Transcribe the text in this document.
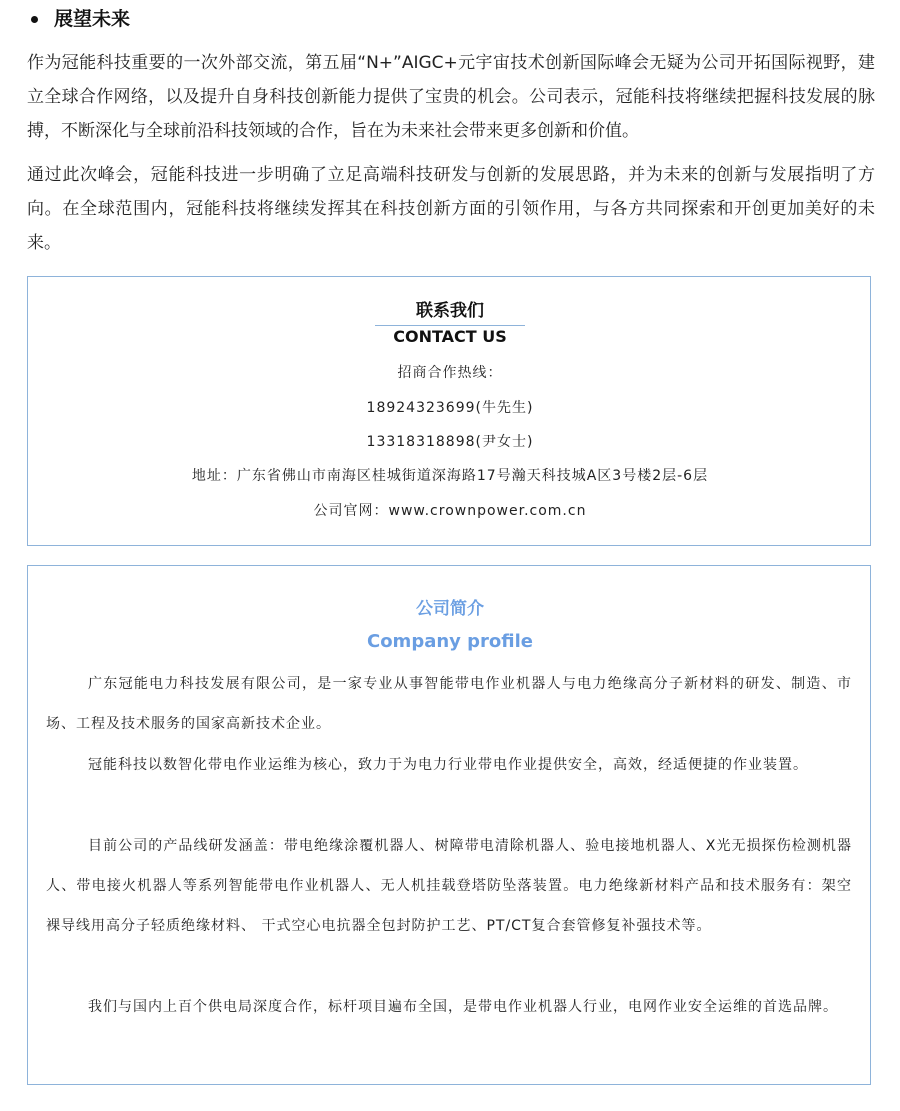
展望未来

作为冠能科技重要的一次外部交流，第五届“N+”AIGC+元宇宙技术创新国际峰会无疑为公司开拓国际视野，建立全球合作网络，以及提升自身科技创新能力提供了宝贵的机会。公司表示，冠能科技将继续把握科技发展的脉搏，不断深化与全球前沿科技领域的合作，旨在为未来社会带来更多创新和价值。

通过此次峰会，冠能科技进一步明确了立足高端科技研发与创新的发展思路，并为未来的创新与发展指明了方向。在全球范围内，冠能科技将继续发挥其在科技创新方面的引领作用，与各方共同探索和开创更加美好的未来。

联系我们
CONTACT US
招商合作热线：
18924323699(牛先生)
13318318898(尹女士)
地址：广东省佛山市南海区桂城街道深海路17号瀚天科技城A区3号楼2层-6层
公司官网：www.crownpower.com.cn
公司简介
Company profile

广东冠能电力科技发展有限公司，是一家专业从事智能带电作业机器人与电力绝缘高分子新材料的研发、制造、市场、工程及技术服务的国家高新技术企业。

冠能科技以数智化带电作业运维为核心，致力于为电力行业带电作业提供安全，高效，经适便捷的作业装置。

目前公司的产品线研发涵盖：带电绝缘涂覆机器人、树障带电清除机器人、验电接地机器人、X光无损探伤检测机器人、带电接火机器人等系列智能带电作业机器人、无人机挂载登塔防坠落装置。电力绝缘新材料产品和技术服务有：架空裸导线用高分子轻质绝缘材料、 干式空心电抗器全包封防护工艺、PT/CT复合套管修复补强技术等。

我们与国内上百个供电局深度合作，标杆项目遍布全国，是带电作业机器人行业，电网作业安全运维的首选品牌。
